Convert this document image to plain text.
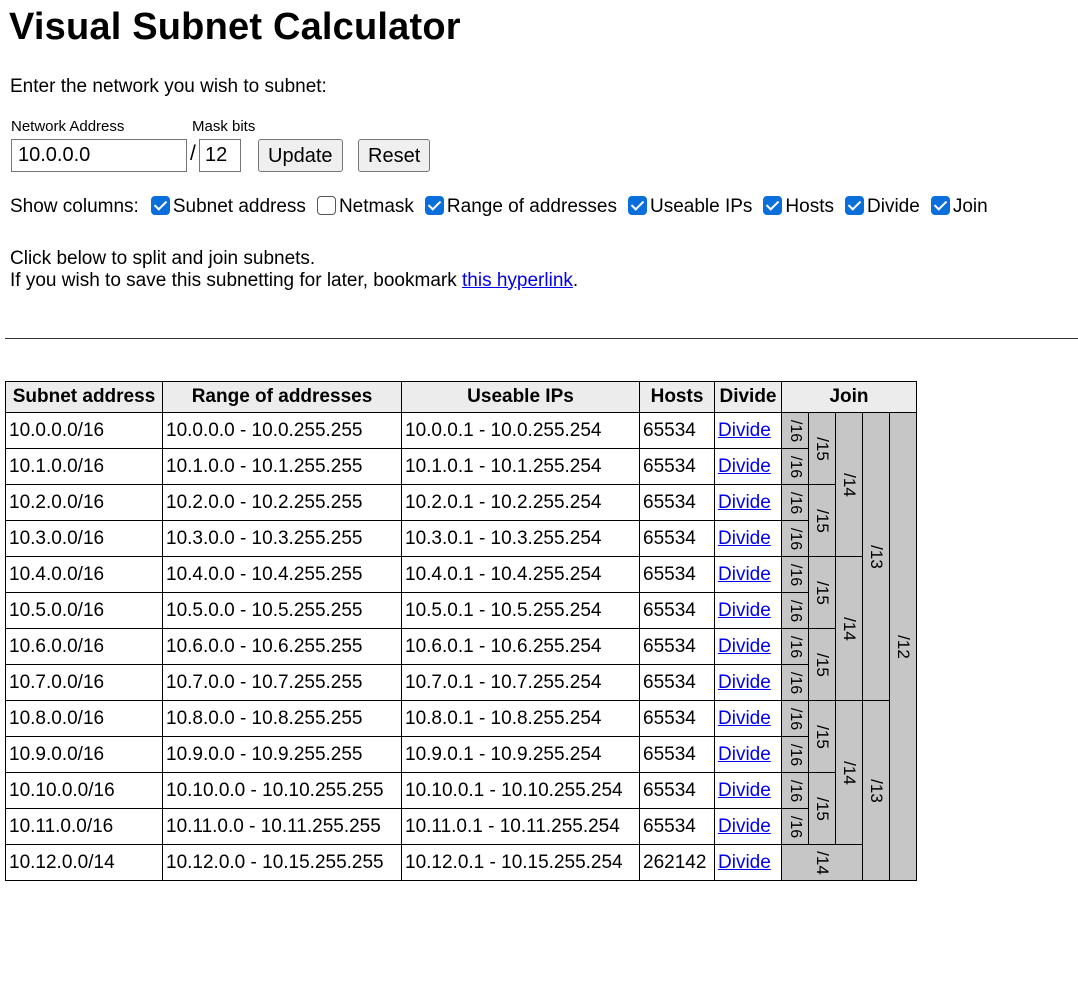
Visual Subnet Calculator
Enter the network you wish to subnet:
Network Address	Mask bits
10.0.0.0
/
12	Update	Reset
Show columns: Subnet address Netmask Range of addresses Useable IPs Hosts Divide Join
Click below to split and join subnets.
If you wish to save this subnetting for later, bookmark this hyperlink.
Subnet address	Range of addresses	Useable IPs	Hosts	Divide	Join				
10.0.0.0/16	10.0.0.0 - 10.0.255.255	10.0.0.1 - 10.0.255.254	65534	Divide	/16	/15	/14	/13	/12
10.1.0.0/16	10.1.0.0 - 10.1.255.255	10.1.0.1 - 10.1.255.254	65534	Divide	/16				
10.2.0.0/16	10.2.0.0 - 10.2.255.255	10.2.0.1 - 10.2.255.254	65534	Divide	/16	/15			
10.3.0.0/16	10.3.0.0 - 10.3.255.255	10.3.0.1 - 10.3.255.254	65534	Divide	/16				
10.4.0.0/16	10.4.0.0 - 10.4.255.255	10.4.0.1 - 10.4.255.254	65534	Divide	/16	/15	/14		
10.5.0.0/16	10.5.0.0 - 10.5.255.255	10.5.0.1 - 10.5.255.254	65534	Divide	/16				
10.6.0.0/16	10.6.0.0 - 10.6.255.255	10.6.0.1 - 10.6.255.254	65534	Divide	/16	/15			
10.7.0.0/16	10.7.0.0 - 10.7.255.255	10.7.0.1 - 10.7.255.254	65534	Divide	/16				
10.8.0.0/16	10.8.0.0 - 10.8.255.255	10.8.0.1 - 10.8.255.254	65534	Divide	/16	/15	/14	/13	
10.9.0.0/16	10.9.0.0 - 10.9.255.255	10.9.0.1 - 10.9.255.254	65534	Divide	/16				
10.10.0.0/16	10.10.0.0 - 10.10.255.255	10.10.0.1 - 10.10.255.254	65534	Divide	/16	/15			
10.11.0.0/16	10.11.0.0 - 10.11.255.255	10.11.0.1 - 10.11.255.254	65534	Divide	/16				
10.12.0.0/14	10.12.0.0 - 10.15.255.255	10.12.0.1 - 10.15.255.254	262142	Divide	/14				
